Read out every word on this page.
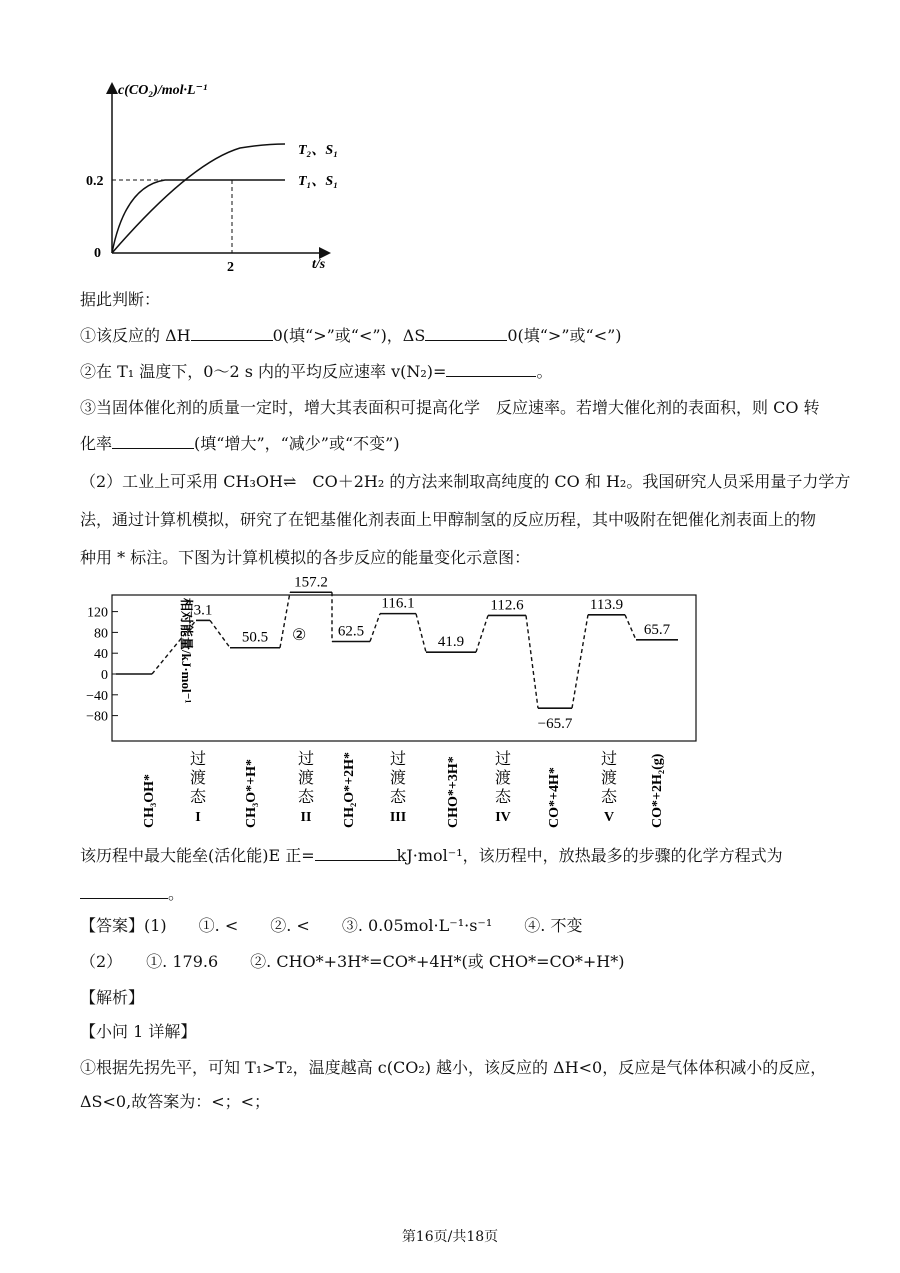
c(CO₂)/mol·L⁻¹
t/s
0
0.2
2
T₂、S₁
T₁、S₁
据此判断：
①该反应的 ΔH	0(填“>”或“<”)，ΔS	0(填“>”或“<”)
②在 T₁ 温度下，0～2 s 内的平均反应速率 v(N₂)=	。
③当固体催化剂的质量一定时，增大其表面积可提高化学　反应速率。若增大催化剂的表面积，则 CO 转
化率	(填“增大”，“减少”或“不变”)
（2）工业上可采用 CH₃OH⇌　CO＋2H₂ 的方法来制取高纯度的 CO 和 H₂。我国研究人员采用量子力学方
法，通过计算机模拟，研究了在钯基催化剂表面上甲醇制氢的反应历程，其中吸附在钯催化剂表面上的物
种用 * 标注。下图为计算机模拟的各步反应的能量变化示意图：
120
80
40
0
−40
−80
3.1
50.5
157.2
62.5
116.1
41.9
112.6
−65.7
113.9
65.7
CH₃OH*
过
渡
态
I	CH₃O*+H* 过
渡
态
II CH₂O*+2H* 过
渡
态
III	CHO*+3H* 过
渡
态
IV	CO*+4H*
过
渡
态
V	CO*+2H₂(g)
相对能量/kJ·mol⁻¹	②
该历程中最大能垒(活化能)E 正=	kJ·mol⁻¹，该历程中，放热最多的步骤的化学方程式为
。
【答案】(1)　　①. <　　②. <　　③. 0.05mol·L⁻¹·s⁻¹　　④. 不变
（2）　　①. 179.6　　②. CHO*+3H*=CO*+4H*(或 CHO*=CO*+H*)
【解析】
【小问 1 详解】
①根据先拐先平，可知 T₁>T₂，温度越高 c(CO₂) 越小，该反应的 ΔH<0，反应是气体体积减小的反应，
ΔS<0,故答案为：<；<；
第16页/共18页
